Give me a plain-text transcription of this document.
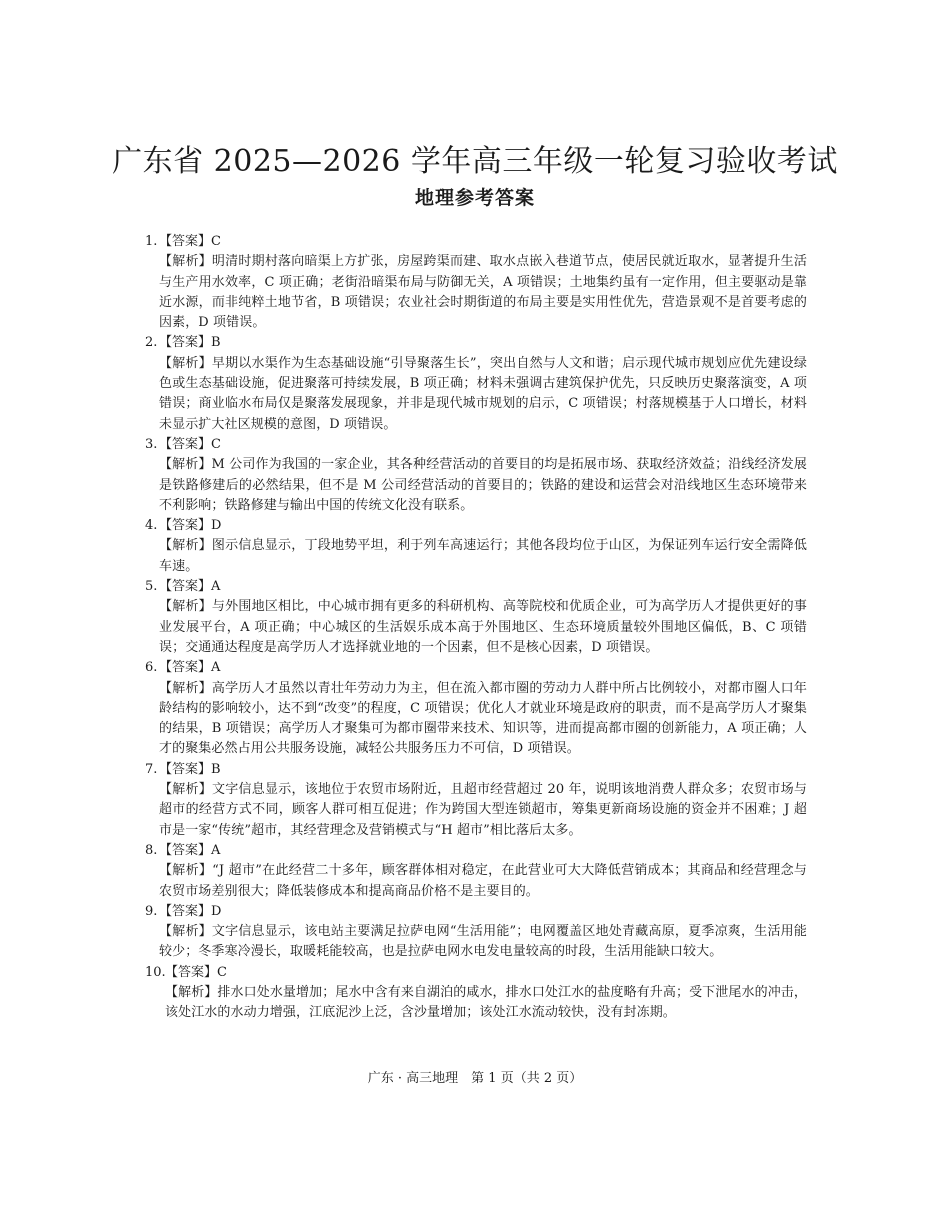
广东省 2025—2026 学年高三年级一轮复习验收考试
地理参考答案
1. 【答案】C
【解析】明清时期村落向暗渠上方扩张，房屋跨渠而建、取水点嵌入巷道节点，使居民就近取水，显著提升生活与生产用水效率，C 项正确；老街沿暗渠布局与防御无关，A 项错误；土地集约虽有一定作用，但主要驱动是靠近水源，而非纯粹土地节省，B 项错误；农业社会时期街道的布局主要是实用性优先，营造景观不是首要考虑的因素，D 项错误。
2. 【答案】B
【解析】早期以水渠作为生态基础设施“引导聚落生长”，突出自然与人文和谐；启示现代城市规划应优先建设绿色或生态基础设施，促进聚落可持续发展，B 项正确；材料未强调古建筑保护优先，只反映历史聚落演变，A 项错误；商业临水布局仅是聚落发展现象，并非是现代城市规划的启示，C 项错误；村落规模基于人口增长，材料未显示扩大社区规模的意图，D 项错误。
3. 【答案】C
【解析】M 公司作为我国的一家企业，其各种经营活动的首要目的均是拓展市场、获取经济效益；沿线经济发展是铁路修建后的必然结果，但不是 M 公司经营活动的首要目的；铁路的建设和运营会对沿线地区生态环境带来不利影响；铁路修建与输出中国的传统文化没有联系。
4. 【答案】D
【解析】图示信息显示，丁段地势平坦，利于列车高速运行；其他各段均位于山区，为保证列车运行安全需降低车速。
5. 【答案】A
【解析】与外围地区相比，中心城市拥有更多的科研机构、高等院校和优质企业，可为高学历人才提供更好的事业发展平台，A 项正确；中心城区的生活娱乐成本高于外围地区、生态环境质量较外围地区偏低，B、C 项错误；交通通达程度是高学历人才选择就业地的一个因素，但不是核心因素，D 项错误。
6. 【答案】A
【解析】高学历人才虽然以青壮年劳动力为主，但在流入都市圈的劳动力人群中所占比例较小，对都市圈人口年龄结构的影响较小，达不到“改变”的程度，C 项错误；优化人才就业环境是政府的职责，而不是高学历人才聚集的结果，B 项错误；高学历人才聚集可为都市圈带来技术、知识等，进而提高都市圈的创新能力，A 项正确；人才的聚集必然占用公共服务设施，减轻公共服务压力不可信，D 项错误。
7. 【答案】B
【解析】文字信息显示，该地位于农贸市场附近，且超市经营超过 20 年，说明该地消费人群众多；农贸市场与超市的经营方式不同，顾客人群可相互促进；作为跨国大型连锁超市，筹集更新商场设施的资金并不困难；J 超市是一家“传统”超市，其经营理念及营销模式与“H 超市”相比落后太多。
8. 【答案】A
【解析】“J 超市”在此经营二十多年，顾客群体相对稳定，在此营业可大大降低营销成本；其商品和经营理念与农贸市场差别很大；降低装修成本和提高商品价格不是主要目的。
9. 【答案】D
【解析】文字信息显示，该电站主要满足拉萨电网“生活用能”；电网覆盖区地处青藏高原，夏季凉爽，生活用能较少；冬季寒冷漫长，取暖耗能较高，也是拉萨电网水电发电量较高的时段，生活用能缺口较大。
10. 【答案】C
【解析】排水口处水量增加；尾水中含有来自湖泊的咸水，排水口处江水的盐度略有升高；受下泄尾水的冲击，该处江水的水动力增强，江底泥沙上泛，含沙量增加；该处江水流动较快，没有封冻期。
广东 · 高三地理　第 1 页（共 2 页）
